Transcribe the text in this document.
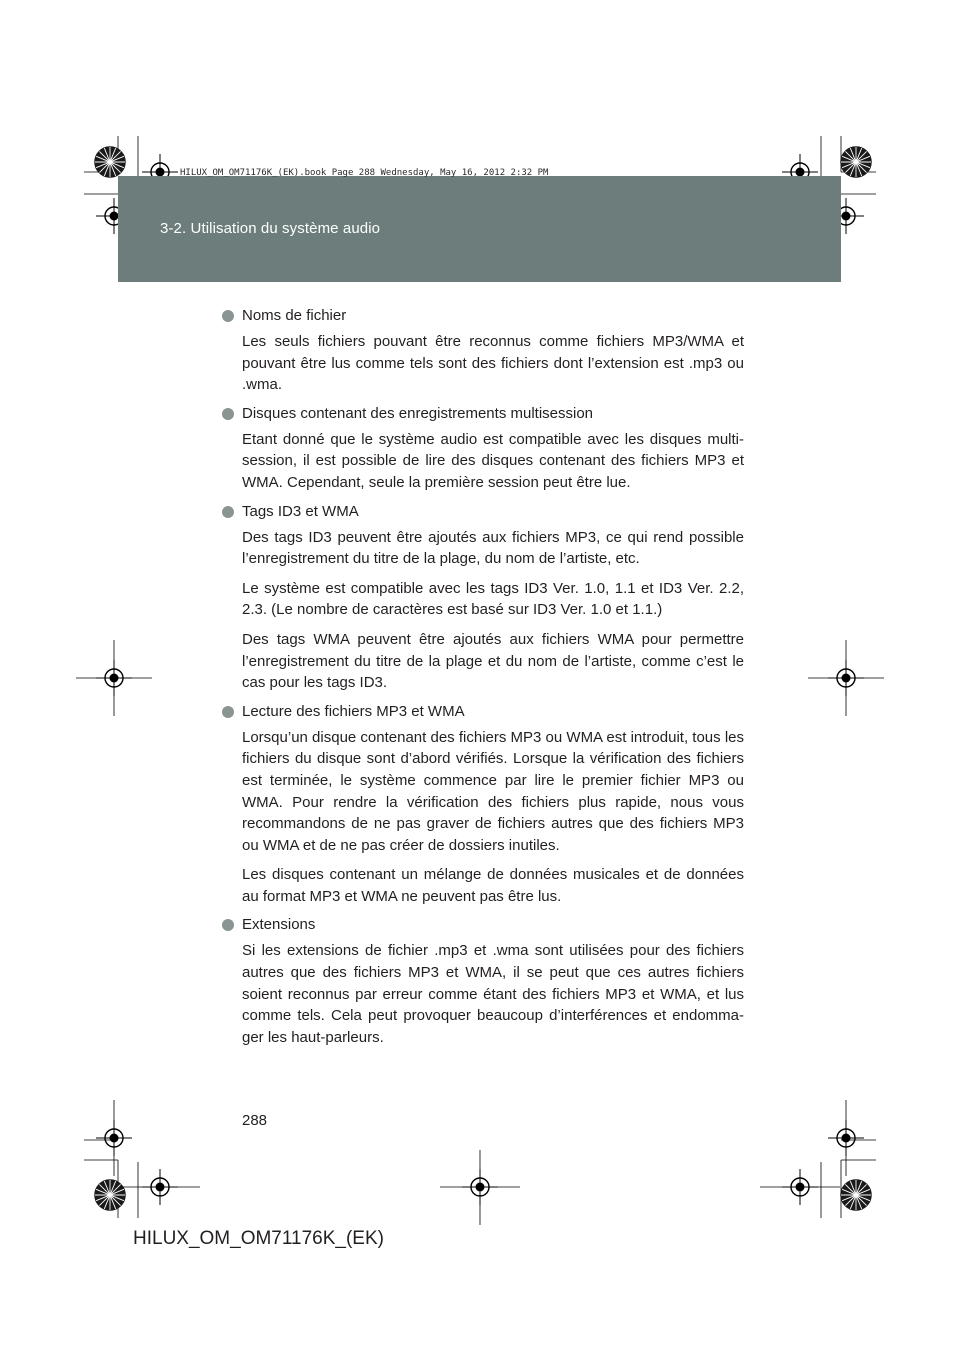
HILUX_OM_OM71176K_(EK).book Page 288 Wednesday, May 16, 2012 2:32 PM
3-2. Utilisation du système audio
Noms de fichier

Les seuls fichiers pouvant être reconnus comme fichiers MP3/WMA et pouvant être lus comme tels sont des fichiers dont l’extension est .mp3 ou .wma.

Disques contenant des enregistrements multisession

Etant donné que le système audio est compatible avec les disques multi-session, il est possible de lire des disques contenant des fichiers MP3 et WMA. Cependant, seule la première session peut être lue.

Tags ID3 et WMA

Des tags ID3 peuvent être ajoutés aux fichiers MP3, ce qui rend possible l’enregistrement du titre de la plage, du nom de l’artiste, etc.

Le système est compatible avec les tags ID3 Ver. 1.0, 1.1 et ID3 Ver. 2.2, 2.3. (Le nombre de caractères est basé sur ID3 Ver. 1.0 et 1.1.)

Des tags WMA peuvent être ajoutés aux fichiers WMA pour permettre l’enregistrement du titre de la plage et du nom de l’artiste, comme c’est le cas pour les tags ID3.

Lecture des fichiers MP3 et WMA

Lorsqu’un disque contenant des fichiers MP3 ou WMA est introduit, tous les fichiers du disque sont d’abord vérifiés. Lorsque la vérification des fichiers est terminée, le système commence par lire le premier fichier MP3 ou WMA. Pour rendre la vérification des fichiers plus rapide, nous vous recommandons de ne pas graver de fichiers autres que des fichiers MP3 ou WMA et de ne pas créer de dossiers inutiles.

Les disques contenant un mélange de données musicales et de données au format MP3 et WMA ne peuvent pas être lus.

Extensions

Si les extensions de fichier .mp3 et .wma sont utilisées pour des fichiers autres que des fichiers MP3 et WMA, il se peut que ces autres fichiers soient reconnus par erreur comme étant des fichiers MP3 et WMA, et lus comme tels. Cela peut provoquer beaucoup d’interférences et endomma-ger les haut-parleurs.

288
HILUX_OM_OM71176K_(EK)
